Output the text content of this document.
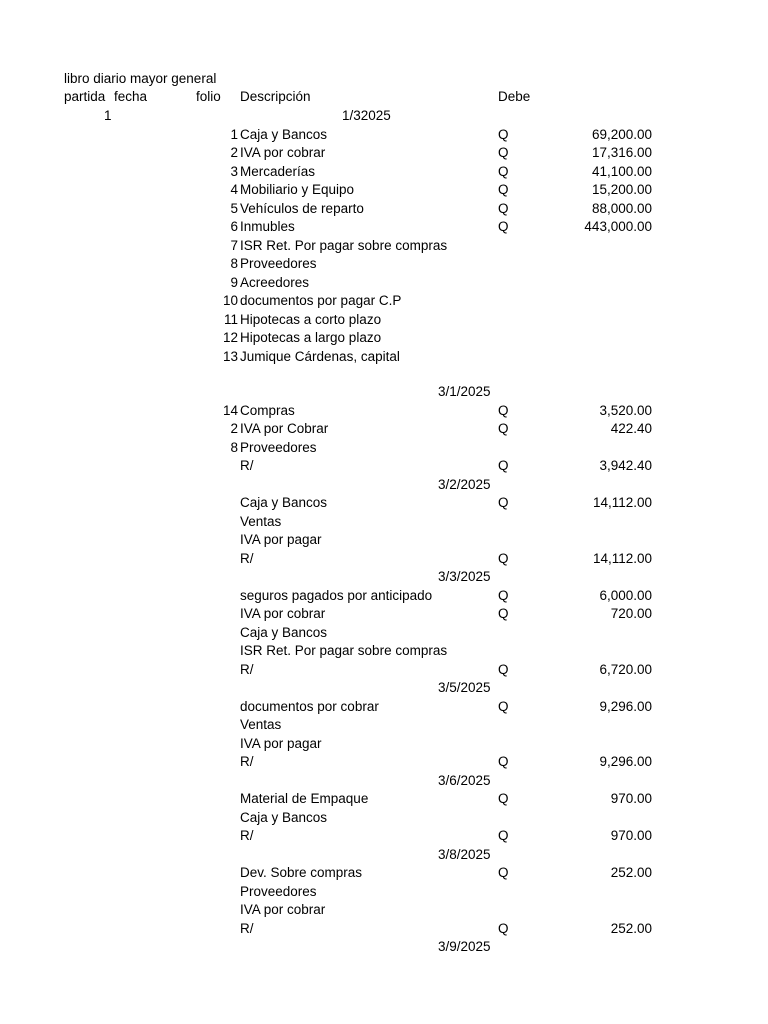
libro diario mayor general
partida fecha	folio Descripción	Debe
1	1/32025
1 Caja y Bancos	Q	69,200.00
2 IVA por cobrar	Q	17,316.00
3 Mercaderías	Q	41,100.00
4 Mobiliario y Equipo	Q	15,200.00
5 Vehículos de reparto	Q	88,000.00
6 Inmubles	Q	443,000.00
7 ISR Ret. Por pagar sobre compras
8 Proveedores
9 Acreedores
10 documentos por pagar C.P
11 Hipotecas a corto plazo
12 Hipotecas a largo plazo
13 Jumique Cárdenas, capital
3/1/2025
14 Compras	Q	3,520.00
2 IVA por Cobrar	Q	422.40
8 Proveedores
R/	Q	3,942.40
3/2/2025
Caja y Bancos	Q	14,112.00
Ventas
IVA por pagar
R/	Q	14,112.00
3/3/2025
seguros pagados por anticipado	Q	6,000.00
IVA por cobrar	Q	720.00
Caja y Bancos
ISR Ret. Por pagar sobre compras
R/	Q	6,720.00
3/5/2025
documentos por cobrar	Q	9,296.00
Ventas
IVA por pagar
R/	Q	9,296.00
3/6/2025
Material de Empaque	Q	970.00
Caja y Bancos
R/	Q	970.00
3/8/2025
Dev. Sobre compras	Q	252.00
Proveedores
IVA por cobrar
R/	Q	252.00
3/9/2025
